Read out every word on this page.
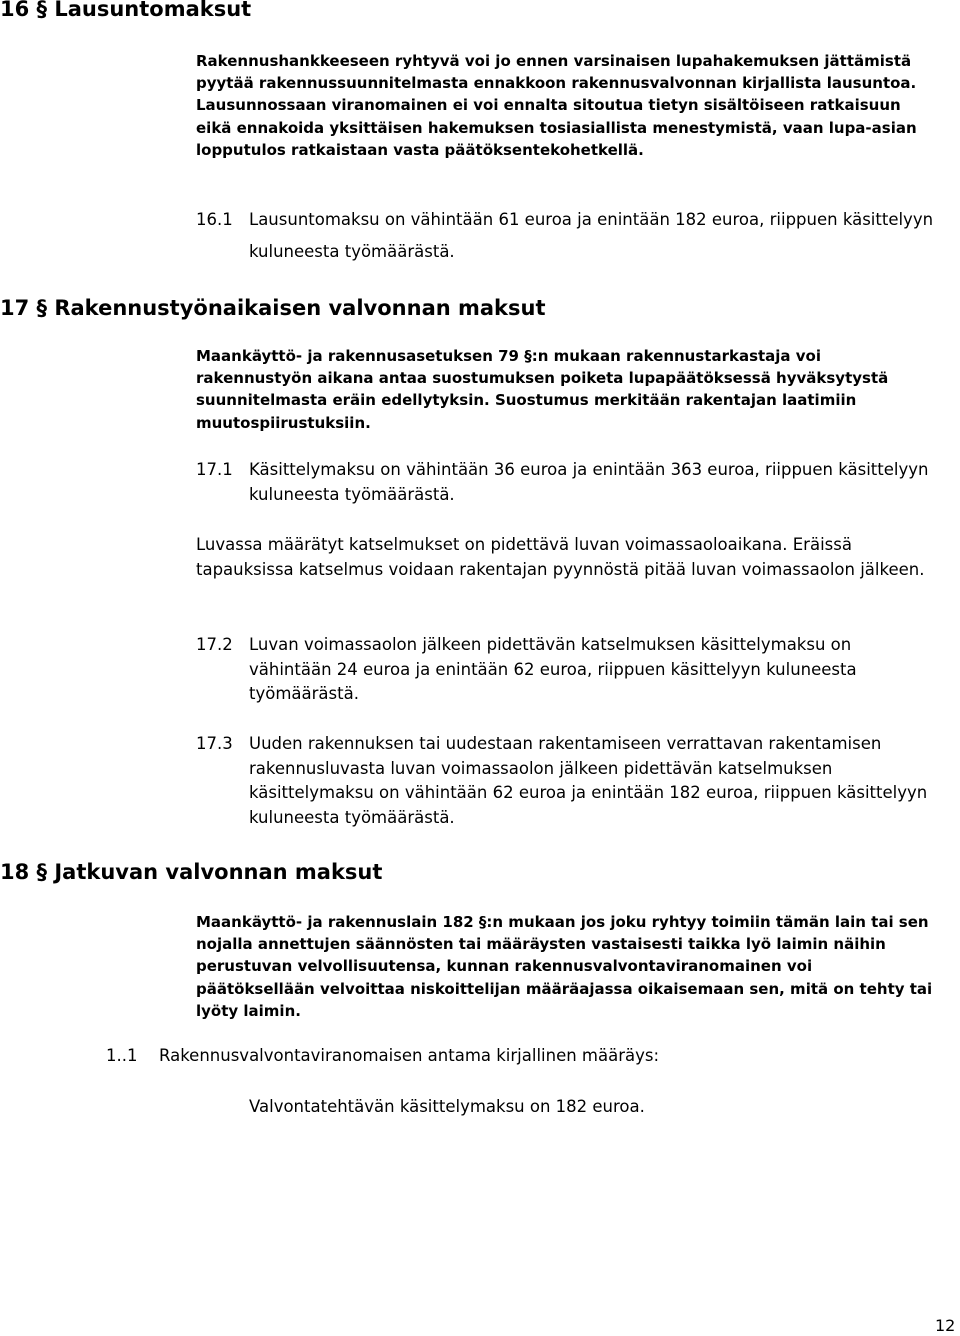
16 § Lausuntomaksut

Rakennushankkeeseen ryhtyvä voi jo ennen varsinaisen lupahakemuksen jättämistä pyytää rakennussuunnitelmasta ennakkoon rakennusvalvonnan kirjallista lausuntoa. Lausunnossaan viranomainen ei voi ennalta sitoutua tietyn sisältöiseen ratkaisuun eikä ennakoida yksittäisen hakemuksen tosiasiallista menestymistä, vaan lupa-asian lopputulos ratkaistaan vasta päätöksentekohetkellä.

16.1 Lausuntomaksu on vähintään 61 euroa ja enintään 182 euroa, riippuen käsittelyyn kuluneesta työmäärästä.
17 § Rakennustyönaikaisen valvonnan maksut

Maankäyttö- ja rakennusasetuksen 79 §:n mukaan rakennustarkastaja voi rakennustyön aikana antaa suostumuksen poiketa lupapäätöksessä hyväksytystä suunnitelmasta eräin edellytyksin. Suostumus merkitään rakentajan laatimiin muutospiirustuksiin.

17.1 Käsittelymaksu on vähintään 36 euroa ja enintään 363 euroa, riippuen käsittelyyn kuluneesta työmäärästä.

Luvassa määrätyt katselmukset on pidettävä luvan voimassaoloaikana. Eräissä tapauksissa katselmus voidaan rakentajan pyynnöstä pitää luvan voimassaolon jälkeen.

17.2 Luvan voimassaolon jälkeen pidettävän katselmuksen käsittelymaksu on vähintään 24 euroa ja enintään 62 euroa, riippuen käsittelyyn kuluneesta työmäärästä.
17.3 Uuden rakennuksen tai uudestaan rakentamiseen verrattavan rakentamisen rakennusluvasta luvan voimassaolon jälkeen pidettävän katselmuksen käsittelymaksu on vähintään 62 euroa ja enintään 182 euroa, riippuen käsittelyyn kuluneesta työmäärästä.
18 § Jatkuvan valvonnan maksut

Maankäyttö- ja rakennuslain 182 §:n mukaan jos joku ryhtyy toimiin tämän lain tai sen nojalla annettujen säännösten tai määräysten vastaisesti taikka lyö laimin näihin perustuvan velvollisuutensa, kunnan rakennusvalvontaviranomainen voi päätöksellään velvoittaa niskoittelijan määräajassa oikaisemaan sen, mitä on tehty tai lyöty laimin.

1..1 Rakennusvalvontaviranomaisen antama kirjallinen määräys:

Valvontatehtävän käsittelymaksu on 182 euroa.

12
